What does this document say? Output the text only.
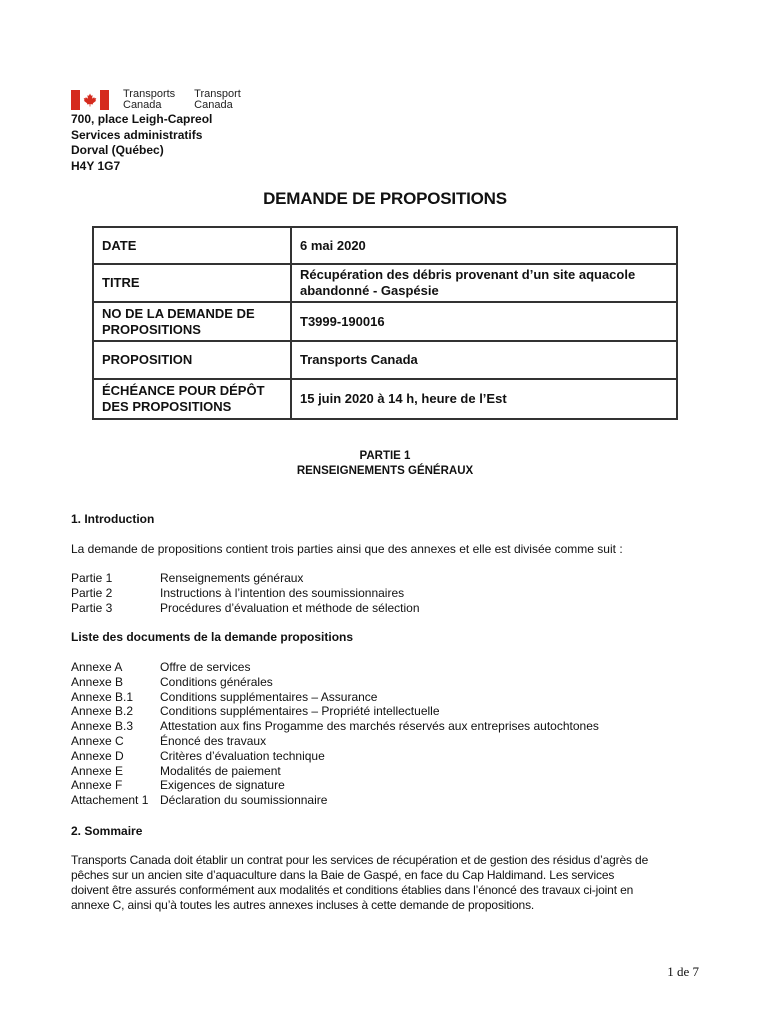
Transports
Canada
Transport
Canada
700, place Leigh-Capreol
Services administratifs
Dorval (Québec)
H4Y 1G7
DEMANDE DE PROPOSITIONS
DATE	6 mai 2020
TITRE	Récupération des débris provenant d’un site aquacole abandonné - Gaspésie
NO DE LA DEMANDE DE PROPOSITIONS	T3999-190016
PROPOSITION	Transports Canada
ÉCHÉANCE POUR DÉPÔT DES PROPOSITIONS	15 juin 2020 à 14 h, heure de l’Est
PARTIE 1
RENSEIGNEMENTS GÉNÉRAUX
1. Introduction
La demande de propositions contient trois parties ainsi que des annexes et elle est divisée comme suit :
Partie 1	Renseignements généraux
Partie 2	Instructions à l’intention des soumissionnaires
Partie 3	Procédures d’évaluation et méthode de sélection
Liste des documents de la demande propositions
Annexe A	Offre de services
Annexe B	Conditions générales
Annexe B.1	Conditions supplémentaires – Assurance
Annexe B.2	Conditions supplémentaires – Propriété intellectuelle
Annexe B.3	Attestation aux fins Progamme des marchés réservés aux entreprises autochtones
Annexe C	Énoncé des travaux
Annexe D	Critères d’évaluation technique
Annexe E	Modalités de paiement
Annexe F	Exigences de signature
Attachement 1 Déclaration du soumissionnaire
2. Sommaire
Transports Canada doit établir un contrat pour les services de récupération et de gestion des résidus d’agrès de
pêches sur un ancien site d’aquaculture dans la Baie de Gaspé, en face du Cap Haldimand. Les services
doivent être assurés conformément aux modalités et conditions établies dans l’énoncé des travaux ci-joint en
annexe C, ainsi qu’à toutes les autres annexes incluses à cette demande de propositions.
1 de 7
